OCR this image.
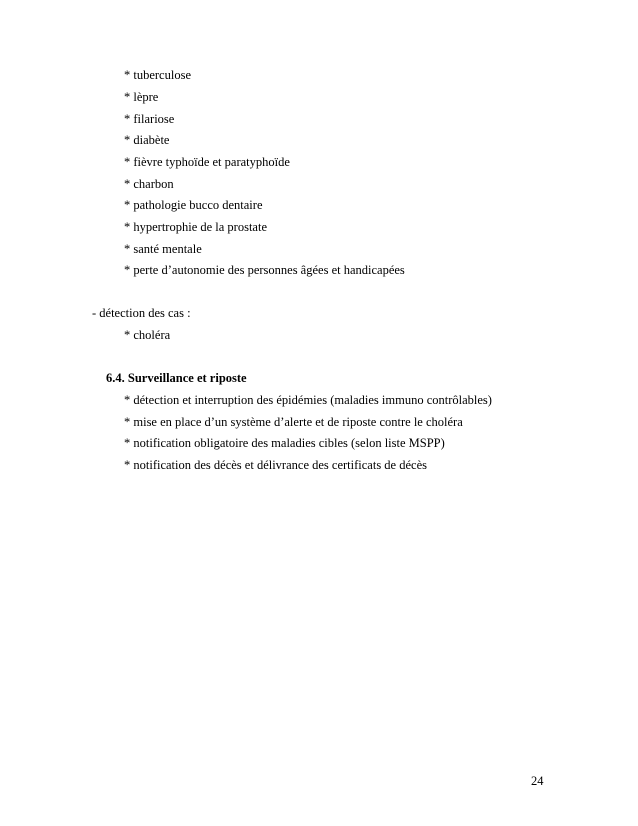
* tuberculose
* lèpre
* filariose
* diabète
* fièvre typhoïde et paratyphoïde
* charbon
* pathologie bucco dentaire
* hypertrophie de la prostate
* santé mentale
* perte d’autonomie des personnes âgées et handicapées
- détection des cas :
* choléra
6.4. Surveillance et riposte
* détection et interruption des épidémies (maladies immuno contrôlables)
* mise en place d’un système d’alerte et de riposte contre le choléra
* notification obligatoire des maladies cibles (selon liste MSPP)
* notification des décès et délivrance des certificats de décès
24
